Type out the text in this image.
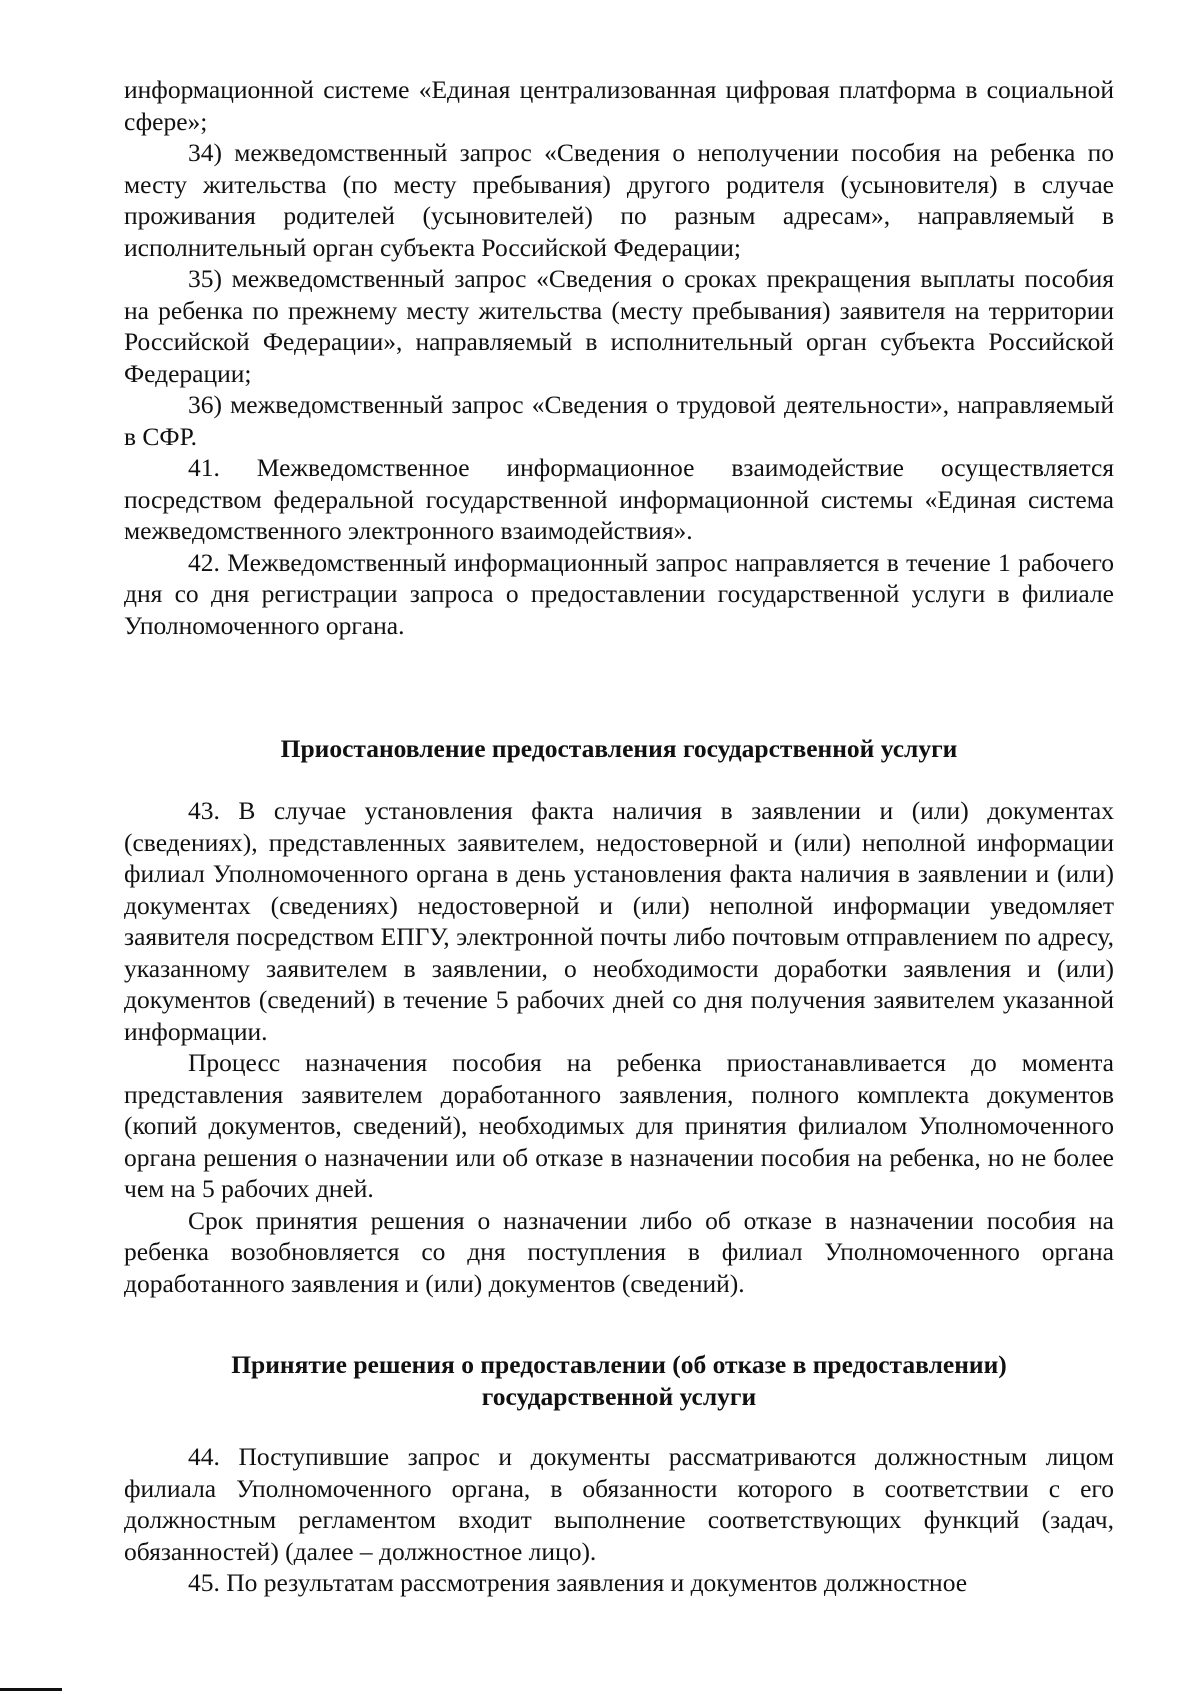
информационной системе «Единая централизованная цифровая платформа в социальной сфере»;

34) межведомственный запрос «Сведения о неполучении пособия на ребенка по месту жительства (по месту пребывания) другого родителя (усыновителя) в случае проживания родителей (усыновителей) по разным адресам», направляемый в исполнительный орган субъекта Российской Федерации;

35) межведомственный запрос «Сведения о сроках прекращения выплаты пособия на ребенка по прежнему месту жительства (месту пребывания) заявителя на территории Российской Федерации», направляемый в исполнительный орган субъекта Российской Федерации;

36) межведомственный запрос «Сведения о трудовой деятельности», направляемый в СФР.

41. Межведомственное информационное взаимодействие осуществляется посредством федеральной государственной информационной системы «Единая система межведомственного электронного взаимодействия».

42. Межведомственный информационный запрос направляется в течение 1 рабочего дня со дня регистрации запроса о предоставлении государственной услуги в филиале Уполномоченного органа.

Приостановление предоставления государственной услуги

43. В случае установления факта наличия в заявлении и (или) документах (сведениях), представленных заявителем, недостоверной и (или) неполной информации филиал Уполномоченного органа в день установления факта наличия в заявлении и (или) документах (сведениях) недостоверной и (или) неполной информации уведомляет заявителя посредством ЕПГУ, электронной почты либо почтовым отправлением по адресу, указанному заявителем в заявлении, о необходимости доработки заявления и (или) документов (сведений) в течение 5 рабочих дней со дня получения заявителем указанной информации.

Процесс назначения пособия на ребенка приостанавливается до момента представления заявителем доработанного заявления, полного комплекта документов (копий документов, сведений), необходимых для принятия филиалом Уполномоченного органа решения о назначении или об отказе в назначении пособия на ребенка, но не более чем на 5 рабочих дней.

Срок принятия решения о назначении либо об отказе в назначении пособия на ребенка возобновляется со дня поступления в филиал Уполномоченного органа доработанного заявления и (или) документов (сведений).

Принятие решения о предоставлении (об отказе в предоставлении)
государственной услуги

44. Поступившие запрос и документы рассматриваются должностным лицом филиала Уполномоченного органа, в обязанности которого в соответствии с его должностным регламентом входит выполнение соответствующих функций (задач, обязанностей) (далее – должностное лицо).

45. По результатам рассмотрения заявления и документов должностное
